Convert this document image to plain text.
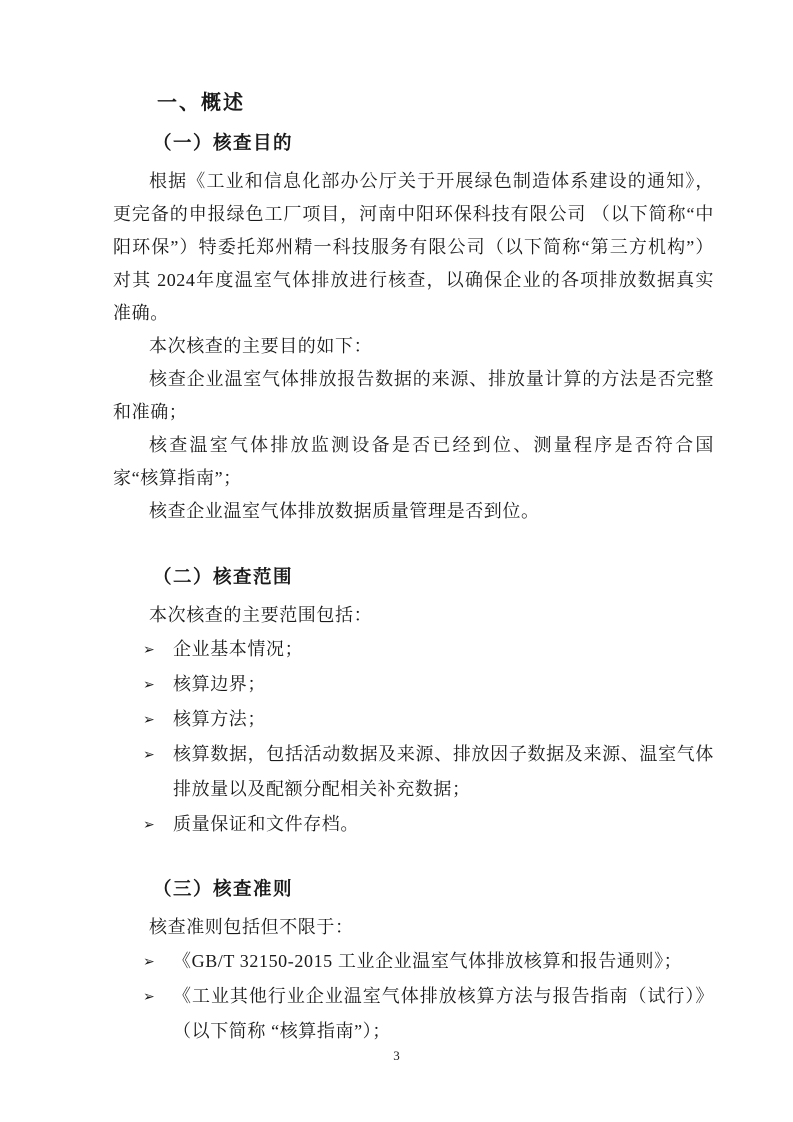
一、概述
（一）核查目的

根据《工业和信息化部办公厅关于开展绿色制造体系建设的通知》，更完备的申报绿色工厂项目，河南中阳环保科技有限公司 （以下简称“中阳环保”）特委托郑州精一科技服务有限公司（以下简称“第三方机构”）对其 2024年度温室气体排放进行核查，以确保企业的各项排放数据真实准确。

本次核查的主要目的如下：

核查企业温室气体排放报告数据的来源、排放量计算的方法是否完整和准确；

核查温室气体排放监测设备是否已经到位、测量程序是否符合国家“核算指南”；

核查企业温室气体排放数据质量管理是否到位。

（二）核查范围

本次核查的主要范围包括：

➢ 企业基本情况；
➢ 核算边界；
➢ 核算方法；
➢ 核算数据，包括活动数据及来源、排放因子数据及来源、温室气体排放量以及配额分配相关补充数据；
➢ 质量保证和文件存档。
（三）核查准则

核查准则包括但不限于：

➢ 《GB/T 32150-2015 工业企业温室气体排放核算和报告通则》；
➢ 《工业其他行业企业温室气体排放核算方法与报告指南（试行）》（以下简称 “核算指南”）；
3
